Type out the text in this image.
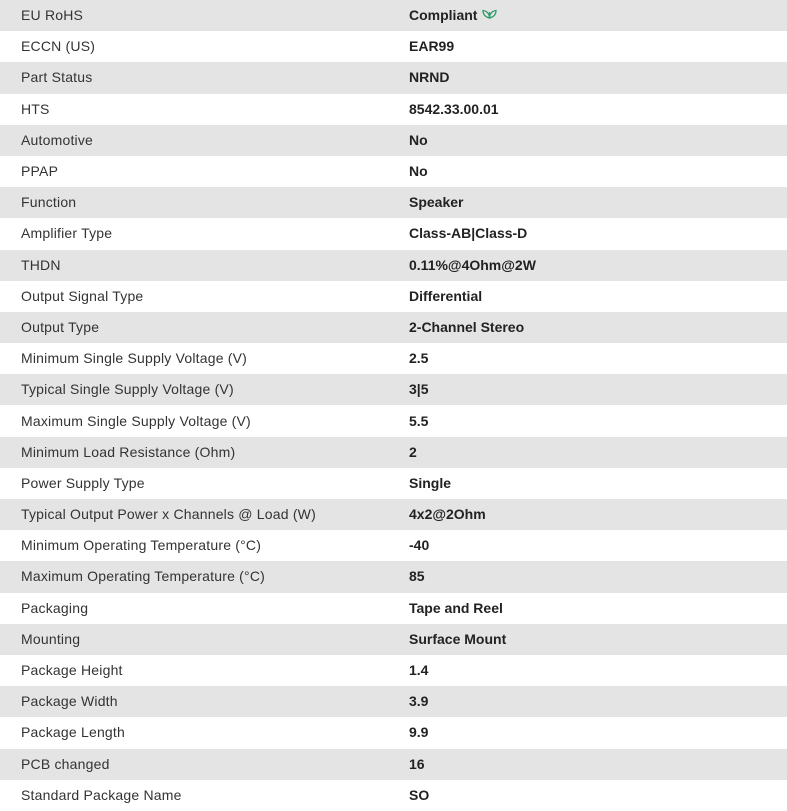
EU RoHS	Compliant
ECCN (US)	EAR99
Part Status	NRND
HTS	8542.33.00.01
Automotive	No
PPAP	No
Function	Speaker
Amplifier Type	Class-AB|Class-D
THDN	0.11%@4Ohm@2W
Output Signal Type	Differential
Output Type	2-Channel Stereo
Minimum Single Supply Voltage (V)	2.5
Typical Single Supply Voltage (V)	3|5
Maximum Single Supply Voltage (V)	5.5
Minimum Load Resistance (Ohm)	2
Power Supply Type	Single
Typical Output Power x Channels @ Load (W)	4x2@2Ohm
Minimum Operating Temperature (°C)	-40
Maximum Operating Temperature (°C)	85
Packaging	Tape and Reel
Mounting	Surface Mount
Package Height	1.4
Package Width	3.9
Package Length	9.9
PCB changed	16
Standard Package Name	SO
